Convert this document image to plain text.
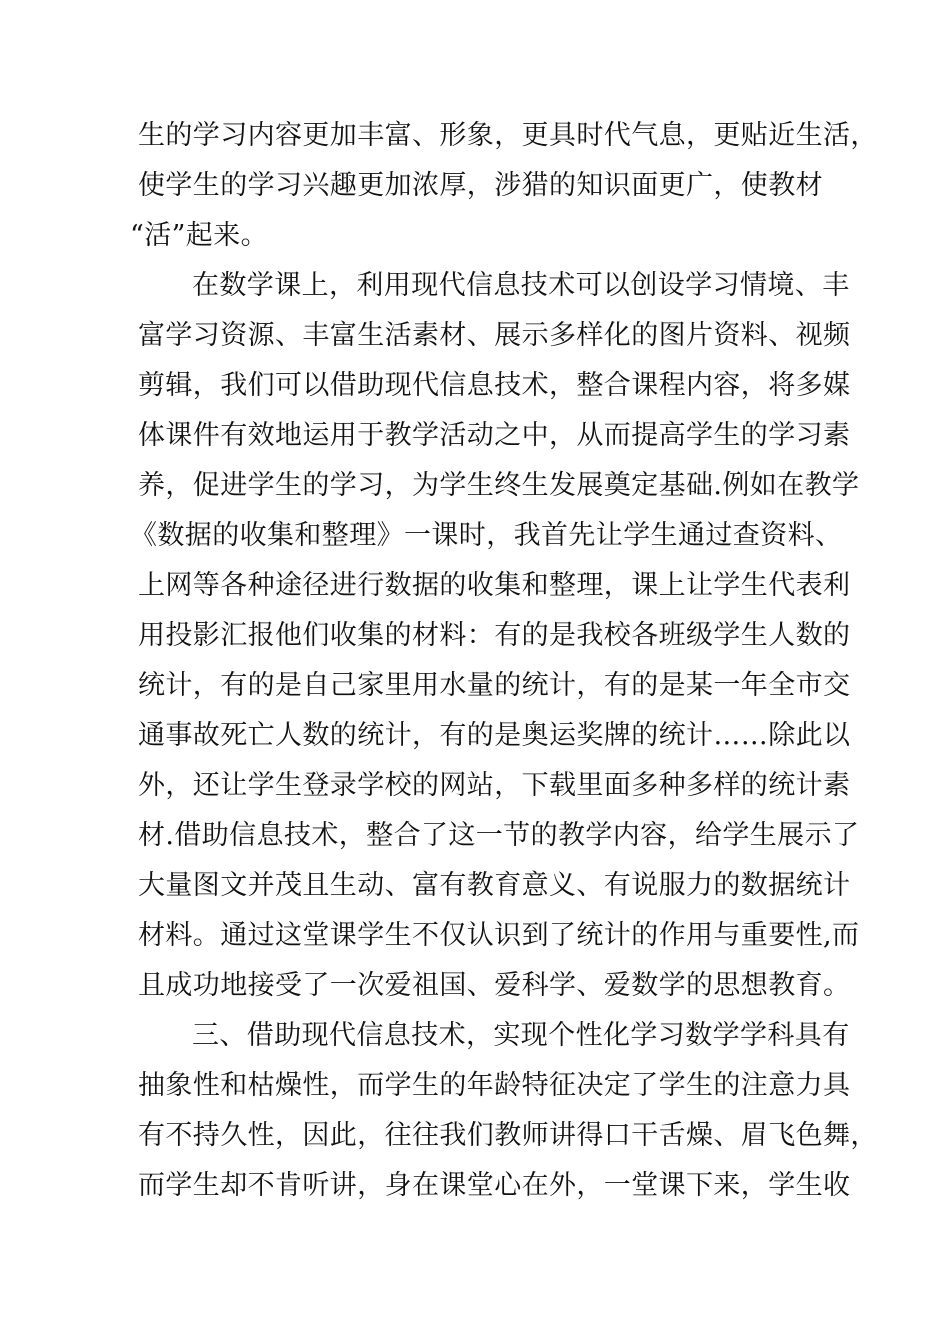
生的学习内容更加丰富、形象，更具时代气息，更贴近生活，
使学生的学习兴趣更加浓厚，涉猎的知识面更广，使教材
“活”起来。
在数学课上，利用现代信息技术可以创设学习情境、丰
富学习资源、丰富生活素材、展示多样化的图片资料、视频
剪辑，我们可以借助现代信息技术，整合课程内容，将多媒
体课件有效地运用于教学活动之中，从而提高学生的学习素
养，促进学生的学习，为学生终生发展奠定基础.例如在教学
《数据的收集和整理》一课时，我首先让学生通过查资料、
上网等各种途径进行数据的收集和整理，课上让学生代表利
用投影汇报他们收集的材料：有的是我校各班级学生人数的
统计，有的是自己家里用水量的统计，有的是某一年全市交
通事故死亡人数的统计，有的是奥运奖牌的统计……除此以
外，还让学生登录学校的网站，下载里面多种多样的统计素
材.借助信息技术，整合了这一节的教学内容，给学生展示了
大量图文并茂且生动、富有教育意义、有说服力的数据统计
材料。通过这堂课学生不仅认识到了统计的作用与重要性,而
且成功地接受了一次爱祖国、爱科学、爱数学的思想教育。
三、借助现代信息技术，实现个性化学习数学学科具有
抽象性和枯燥性，而学生的年龄特征决定了学生的注意力具
有不持久性，因此，往往我们教师讲得口干舌燥、眉飞色舞，
而学生却不肯听讲，身在课堂心在外，一堂课下来，学生收
